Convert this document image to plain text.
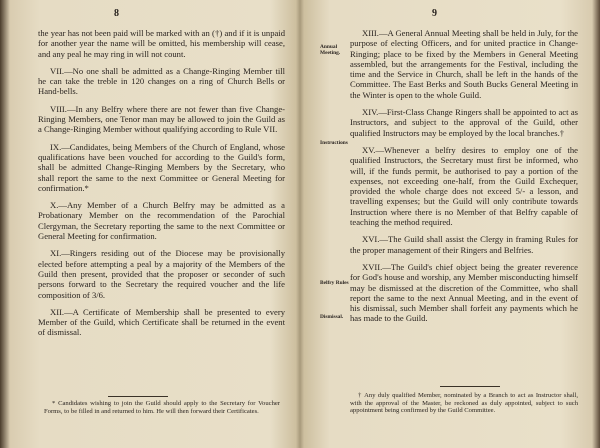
8

the year has not been paid will be marked with an (†) and if it is unpaid for another year the name will be omitted, his membership will cease, and any peal he may ring in will not count.

VII.—No one shall be admitted as a Change-Ringing Member till he can take the treble in 120 changes on a ring of Church Bells or Hand-bells.

VIII.—In any Belfry where there are not fewer than five Change-Ringing Members, one Tenor man may be allowed to join the Guild as a Change-Ringing Member without qualifying according to Rule VII.

IX.—Candidates, being Members of the Church of England, whose qualifications have been vouched for according to the Guild's form, shall be admitted Change-Ringing Members by the Secretary, who shall report the same to the next Committee or General Meeting for confirmation.*

X.—Any Member of a Church Belfry may be admitted as a Probationary Member on the recommendation of the Parochial Clergyman, the Secretary reporting the same to the next Committee or General Meeting for confirmation.

XI.—Ringers residing out of the Diocese may be provisionally elected before attempting a peal by a majority of the Members of the Guild then present, provided that the proposer or seconder of such persons forward to the Secretary the required voucher and the life composition of 3/6.

XII.—A Certificate of Membership shall be presented to every Member of the Guild, which Certificate shall be returned in the event of dismissal.

* Candidates wishing to join the Guild should apply to the Secretary for Voucher Forms, to be filled in and returned to him. He will then forward their Certificates.
9
Annual Meeting.
Instructions
Belfry Rules
Dismissal.

XIII.—A General Annual Meeting shall be held in July, for the purpose of electing Officers, and for united practice in Change-Ringing; place to be fixed by the Members in General Meeting assembled, but the arrangements for the Festival, including the time and the Service in Church, shall be left in the hands of the Committee. The East Berks and South Bucks General Meeting in the Winter is open to the whole Guild.

XIV.—First-Class Change Ringers shall be appointed to act as Instructors, and subject to the approval of the Guild, other qualified Instructors may be employed by the local branches.†

XV.—Whenever a belfry desires to employ one of the qualified Instructors, the Secretary must first be informed, who will, if the funds permit, be authorised to pay a portion of the expenses, not exceeding one-half, from the Guild Exchequer, provided the whole charge does not exceed 5/- a lesson, and travelling expenses; but the Guild will only contribute towards Instruction where there is no Member of that Belfry capable of teaching the method required.

XVI.—The Guild shall assist the Clergy in framing Rules for the proper management of their Ringers and Belfries.

XVII.—The Guild's chief object being the greater reverence for God's house and worship, any Member misconducting himself may be dismissed at the discretion of the Committee, who shall report the same to the next Annual Meeting, and in the event of his dismissal, such Member shall forfeit any payments which he has made to the Guild.

† Any duly qualified Member, nominated by a Branch to act as Instructor shall, with the approval of the Master, be reckoned as duly appointed, subject to such appointment being confirmed by the Guild Committee.
